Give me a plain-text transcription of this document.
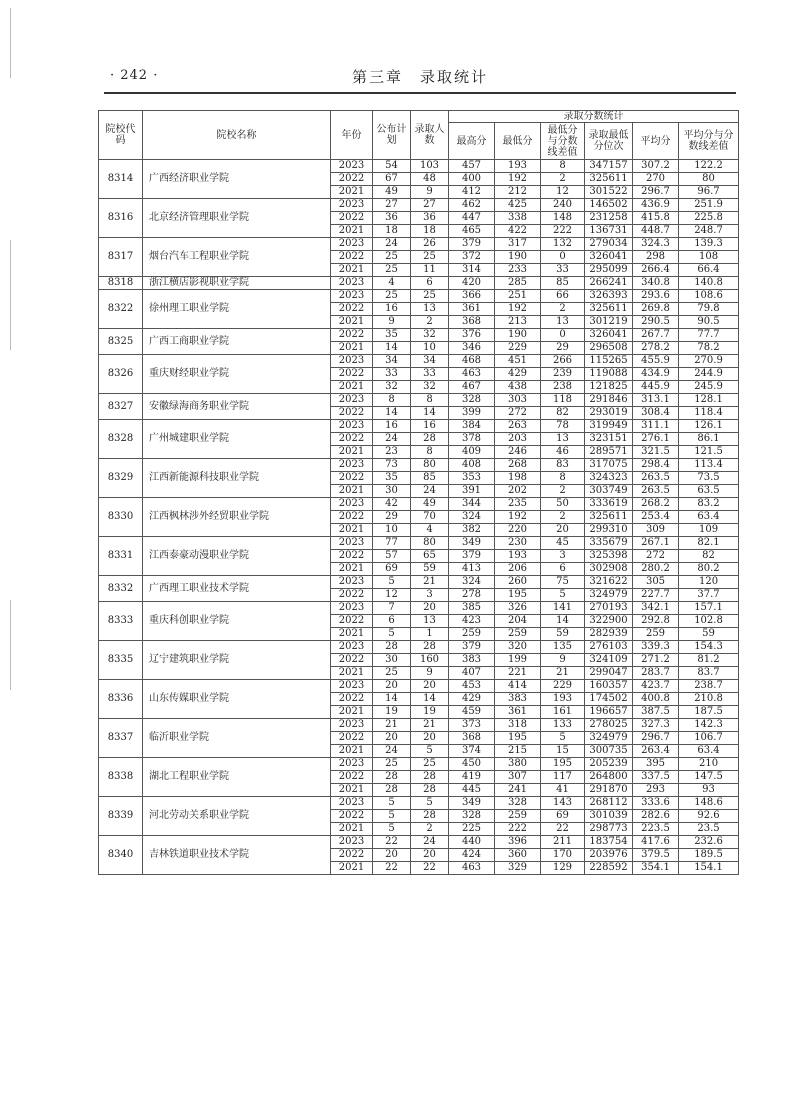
· 242 ·	第三章　录取统计
院校代码	院校名称	年份	公布计划	录取人数	录取分数统计					
					最高分	最低分	最低分与分数线差值	录取最低分位次	平均分	平均分与分数线差值
8314	广西经济职业学院	2023	54	103	457	193	8	347157	307.2	122.2
		2022	67	48	400	192	2	325611	270	80
		2021	49	9	412	212	12	301522	296.7	96.7
8316	北京经济管理职业学院	2023	27	27	462	425	240	146502	436.9	251.9
		2022	36	36	447	338	148	231258	415.8	225.8
		2021	18	18	465	422	222	136731	448.7	248.7
8317	烟台汽车工程职业学院	2023	24	26	379	317	132	279034	324.3	139.3
		2022	25	25	372	190	0	326041	298	108
		2021	25	11	314	233	33	295099	266.4	66.4
8318	浙江横店影视职业学院	2023	4	6	420	285	85	266241	340.8	140.8
8322	徐州理工职业学院	2023	25	25	366	251	66	326393	293.6	108.6
		2022	16	13	361	192	2	325611	269.8	79.8
		2021	9	2	368	213	13	301219	290.5	90.5
8325	广西工商职业学院	2022	35	32	376	190	0	326041	267.7	77.7
		2021	14	10	346	229	29	296508	278.2	78.2
8326	重庆财经职业学院	2023	34	34	468	451	266	115265	455.9	270.9
		2022	33	33	463	429	239	119088	434.9	244.9
		2021	32	32	467	438	238	121825	445.9	245.9
8327	安徽绿海商务职业学院	2023	8	8	328	303	118	291846	313.1	128.1
		2022	14	14	399	272	82	293019	308.4	118.4
8328	广州城建职业学院	2023	16	16	384	263	78	319949	311.1	126.1
		2022	24	28	378	203	13	323151	276.1	86.1
		2021	23	8	409	246	46	289571	321.5	121.5
8329	江西新能源科技职业学院	2023	73	80	408	268	83	317075	298.4	113.4
		2022	35	85	353	198	8	324323	263.5	73.5
		2021	30	24	391	202	2	303749	263.5	63.5
8330	江西枫林涉外经贸职业学院	2023	42	49	344	235	50	333619	268.2	83.2
		2022	29	70	324	192	2	325611	253.4	63.4
		2021	10	4	382	220	20	299310	309	109
8331	江西泰豪动漫职业学院	2023	77	80	349	230	45	335679	267.1	82.1
		2022	57	65	379	193	3	325398	272	82
		2021	69	59	413	206	6	302908	280.2	80.2
8332	广西理工职业技术学院	2023	5	21	324	260	75	321622	305	120
		2022	12	3	278	195	5	324979	227.7	37.7
8333	重庆科创职业学院	2023	7	20	385	326	141	270193	342.1	157.1
		2022	6	13	423	204	14	322900	292.8	102.8
		2021	5	1	259	259	59	282939	259	59
8335	辽宁建筑职业学院	2023	28	28	379	320	135	276103	339.3	154.3
		2022	30	160	383	199	9	324109	271.2	81.2
		2021	25	9	407	221	21	299047	283.7	83.7
8336	山东传媒职业学院	2023	20	20	453	414	229	160357	423.7	238.7
		2022	14	14	429	383	193	174502	400.8	210.8
		2021	19	19	459	361	161	196657	387.5	187.5
8337	临沂职业学院	2023	21	21	373	318	133	278025	327.3	142.3
		2022	20	20	368	195	5	324979	296.7	106.7
		2021	24	5	374	215	15	300735	263.4	63.4
8338	湖北工程职业学院	2023	25	25	450	380	195	205239	395	210
		2022	28	28	419	307	117	264800	337.5	147.5
		2021	28	28	445	241	41	291870	293	93
8339	河北劳动关系职业学院	2023	5	5	349	328	143	268112	333.6	148.6
		2022	5	28	328	259	69	301039	282.6	92.6
		2021	5	2	225	222	22	298773	223.5	23.5
8340	吉林铁道职业技术学院	2023	22	24	440	396	211	183754	417.6	232.6
		2022	20	20	424	360	170	203976	379.5	189.5
		2021	22	22	463	329	129	228592	354.1	154.1
